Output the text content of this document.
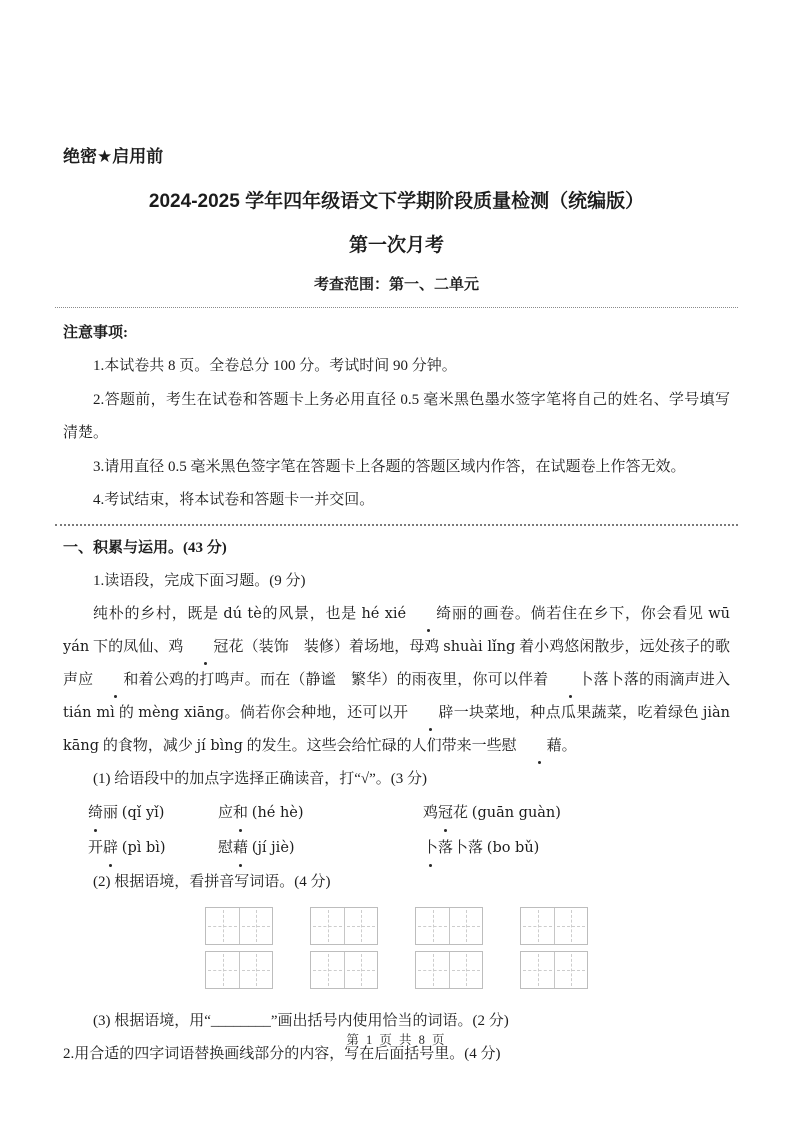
绝密★启用前
2024-2025 学年四年级语文下学期阶段质量检测（统编版）
第一次月考
考查范围：第一、二单元
注意事项:

1.本试卷共 8 页。全卷总分 100 分。考试时间 90 分钟。

2.答题前，考生在试卷和答题卡上务必用直径 0.5 毫米黑色墨水签字笔将自己的姓名、学号填写清楚。

3.请用直径 0.5 毫米黑色签字笔在答题卡上各题的答题区域内作答，在试题卷上作答无效。

4.考试结束，将本试卷和答题卡一并交回。

一、积累与运用。(43 分)

1.读语段，完成下面习题。(9 分)

纯朴的乡村，既是 dú tè的风景，也是 hé xié 绮丽的画卷。倘若住在乡下，你会看见 wū yán 下的凤仙、鸡 冠花（装饰　装修）着场地，母鸡 shuài lǐng 着小鸡悠闲散步，远处孩子的歌声应 和着公鸡的打鸣声。而在（静谧　繁华）的雨夜里，你可以伴着 卜落卜落的雨滴声进入 tián mì 的 mèng xiāng。倘若你会种地，还可以开 辟一块菜地，种点瓜果蔬菜，吃着绿色 jiàn kāng 的食物，减少 jí bìng 的发生。这些会给忙碌的人们带来一些慰 藉。

(1) 给语段中的加点字选择正确读音，打“√”。(3 分)

绮丽 (qǐ yǐ)	应和 (hé hè)	鸡冠花 (guān guàn)
开辟 (pì bì)	慰藉 (jí jiè)	卜落卜落 (bo bǔ)

(2) 根据语境，看拼音写词语。(4 分)

(3) 根据语境，用“________”画出括号内使用恰当的词语。(2 分)

2.用合适的四字词语替换画线部分的内容，写在后面括号里。(4 分)

第 1 页 共 8 页
